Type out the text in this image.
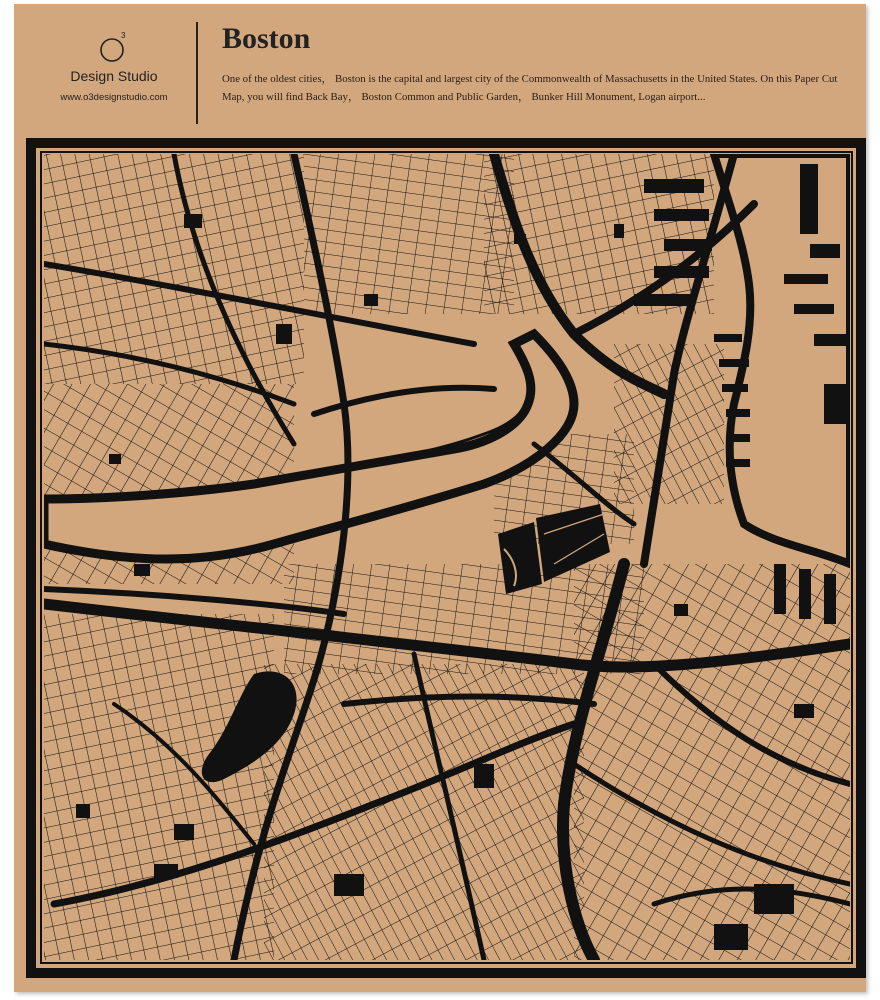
3
Design Studio
www.o3designstudio.com
Boston
One of the oldest cities， Boston is the capital and largest city of the Commonwealth of Massachusetts in the United States. On this Paper Cut Map, you will find Back Bay， Boston Common and Public Garden， Bunker Hill Monument, Logan airport...
